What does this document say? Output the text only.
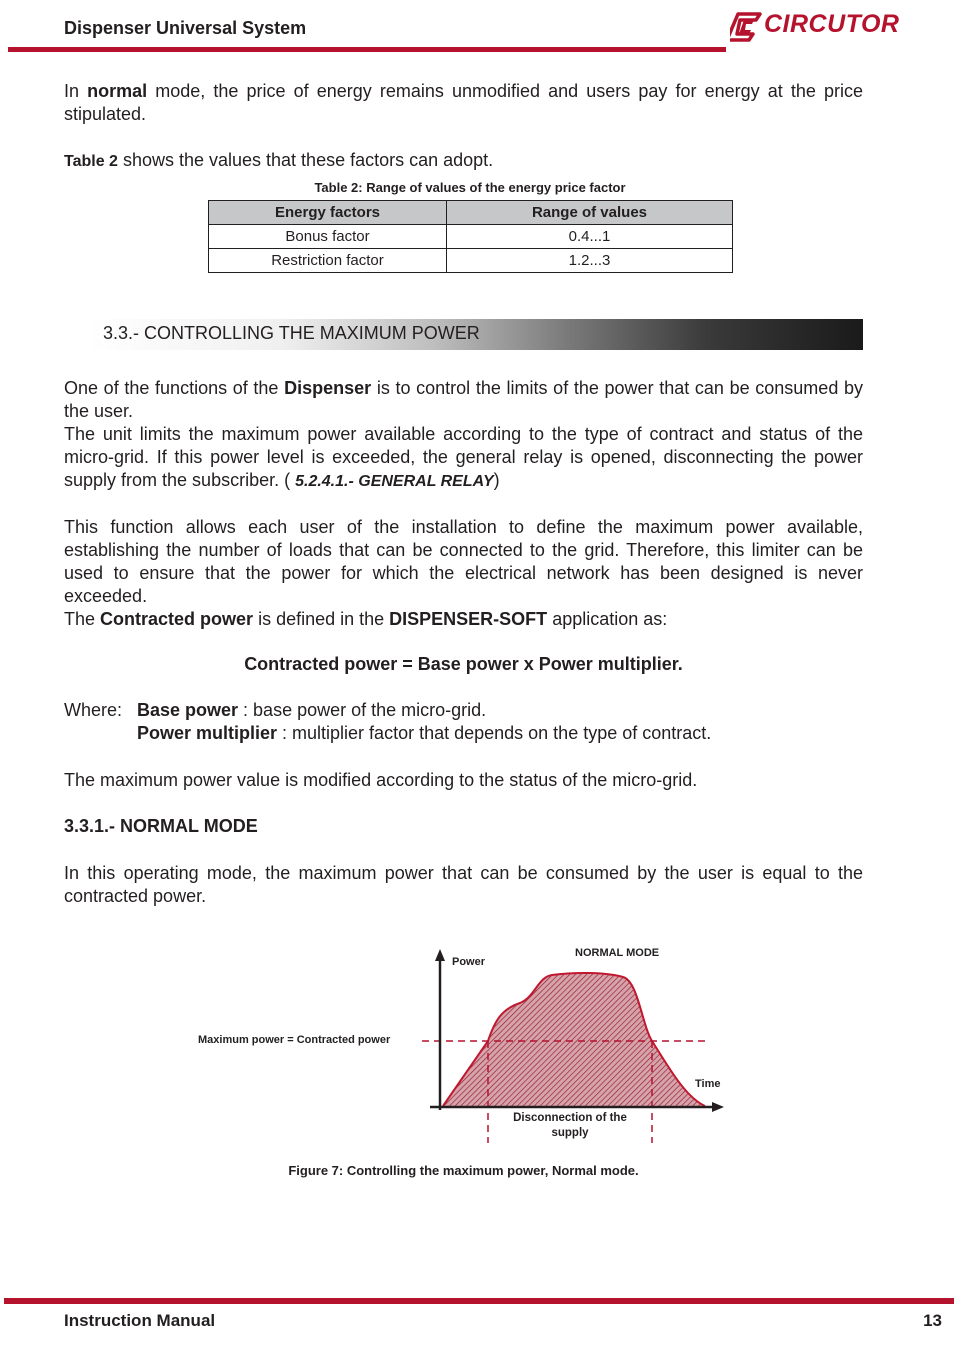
Dispenser Universal System	CIRCUTOR

In normal mode, the price of energy remains unmodified and users pay for energy at the price stipulated.

Table 2 shows the values that these factors can adopt.

Table 2: Range of values of the energy price factor
Energy factors	Range of values
Bonus factor	0.4...1
Restriction factor	1.2...3
3.3.- CONTROLLING THE MAXIMUM POWER

One of the functions of the Dispenser is to control the limits of the power that can be consumed by the user.

The unit limits the maximum power available according to the type of contract and status of the micro-grid. If this power level is exceeded, the general relay is opened, disconnecting the power supply from the subscriber. ( 5.2.4.1.- GENERAL RELAY)

This function allows each user of the installation to define the maximum power available, establishing the number of loads that can be connected to the grid. Therefore, this limiter can be used to ensure that the power for which the electrical network has been designed is never exceeded.

The Contracted power is defined in the DISPENSER-SOFT application as:

Contracted power = Base power x Power multiplier.
Where: Base power : base power of the micro-grid.
Power multiplier : multiplier factor that depends on the type of contract.

The maximum power value is modified according to the status of the micro-grid.

3.3.1.- NORMAL MODE

In this operating mode, the maximum power that can be consumed by the user is equal to the contracted power.

NORMAL MODE
Power
Time
Maximum power = Contracted power
Disconnection of the
supply
Figure 7: Controlling the maximum power, Normal mode.
Instruction Manual	13
